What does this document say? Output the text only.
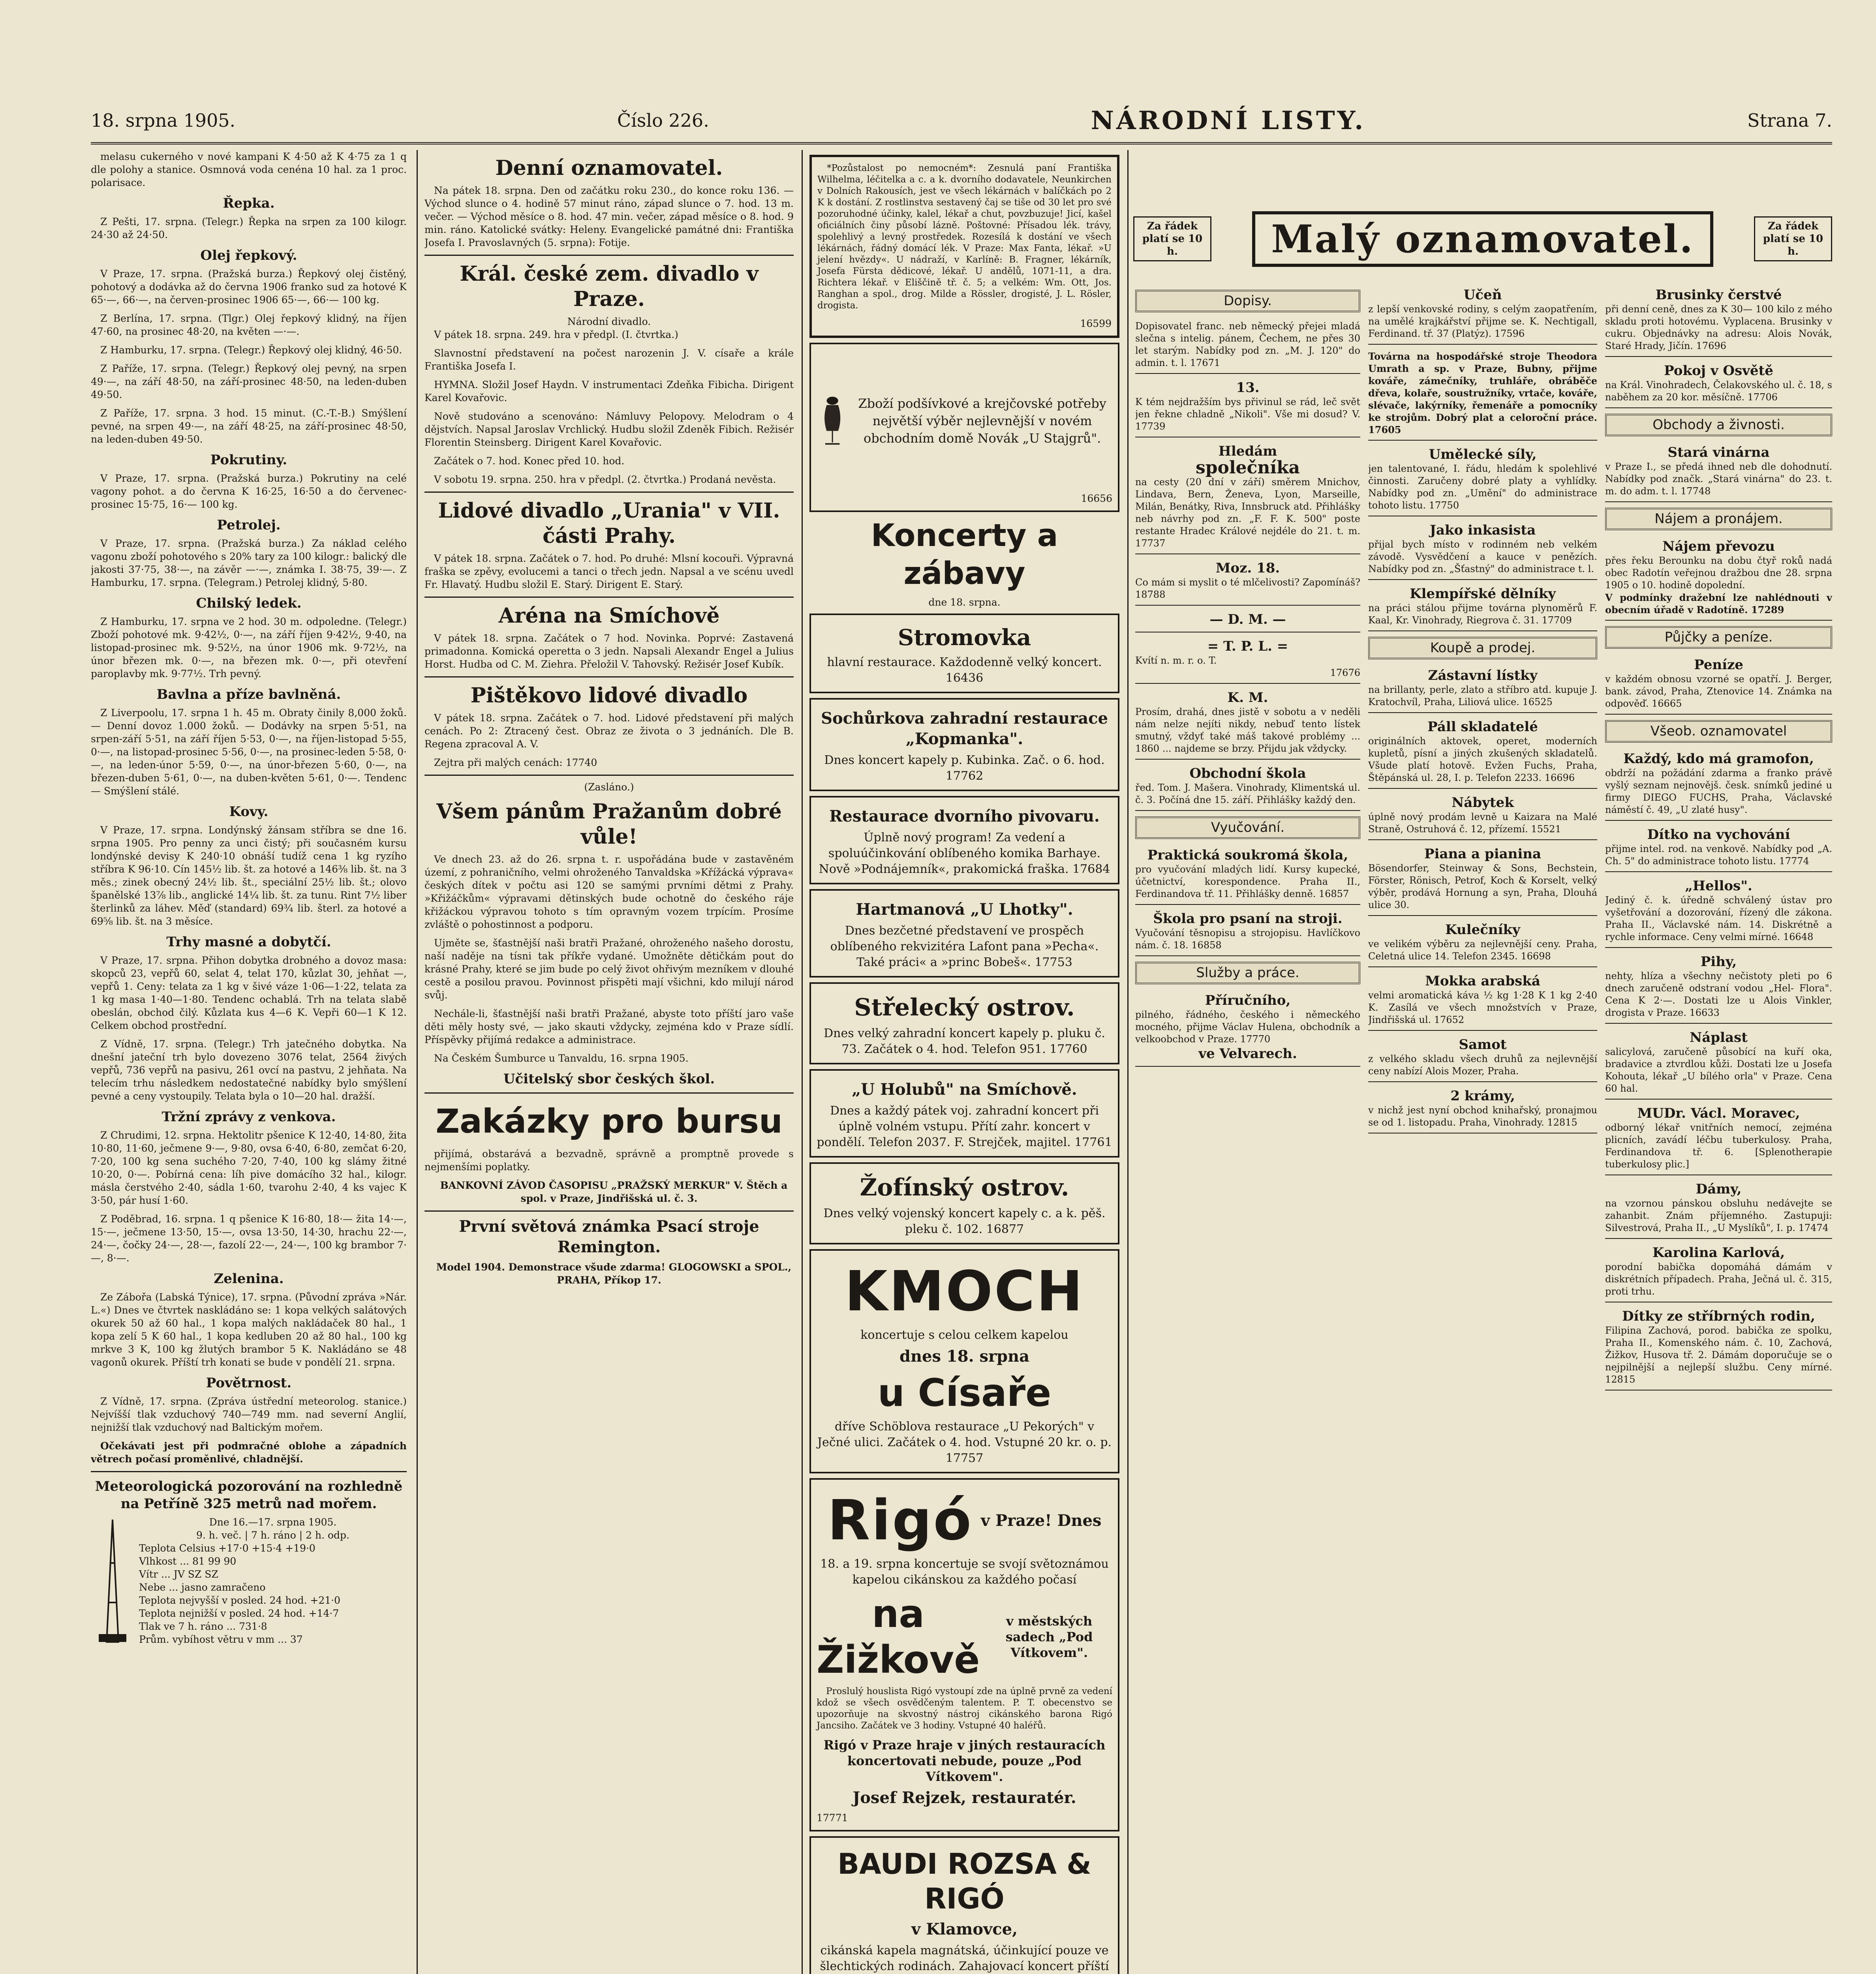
18. srpna 1905.	Číslo 226.	NÁRODNÍ LISTY.	Strana 7.
Za řádek platí se 10 h.	Malý oznamovatel.	Za řádek platí se 10 h.

melasu cukerného v nové kampani K 4·50 až K 4·75 za 1 q dle polohy a stanice. Osmnová voda cenéna 10 hal. za 1 proc. polarisace.

Řepka.

Z Pešti, 17. srpna. (Telegr.) Řepka na srpen za 100 kilogr. 24·30 až 24·50.

Olej řepkový.

V Praze, 17. srpna. (Pražská burza.) Řepkový olej čistěný, pohotový a dodávka až do června 1906 franko sud za hotové K 65·—, 66·—, na červen-prosinec 1906 65·—, 66·— 100 kg.

Z Berlína, 17. srpna. (Tlgr.) Olej řepkový klidný, na říjen 47·60, na prosinec 48·20, na květen —·—.

Z Hamburku, 17. srpna. (Telegr.) Řepkový olej klidný, 46·50.

Z Paříže, 17. srpna. (Telegr.) Řepkový olej pevný, na srpen 49·—, na září 48·50, na září-prosinec 48·50, na leden-duben 49·50.

Z Paříže, 17. srpna. 3 hod. 15 minut. (C.-T.-B.) Smýšlení pevné, na srpen 49·—, na září 48·25, na září-prosinec 48·50, na leden-duben 49·50.

Pokrutiny.

V Praze, 17. srpna. (Pražská burza.) Pokrutiny na celé vagony pohot. a do června K 16·25, 16·50 a do červenec-prosinec 15·75, 16·— 100 kg.

Petrolej.

V Praze, 17. srpna. (Pražská burza.) Za náklad celého vagonu zboží pohotového s 20% tary za 100 kilogr.: balický dle jakosti 37·75, 38·—, na závěr —·—, známka I. 38·75, 39·—. Z Hamburku, 17. srpna. (Telegram.) Petrolej klidný, 5·80.

Chilský ledek.

Z Hamburku, 17. srpna ve 2 hod. 30 m. odpoledne. (Telegr.) Zboží pohotové mk. 9·42½, 0·—, na září říjen 9·42½, 9·40, na listopad-prosinec mk. 9·52½, na únor 1906 mk. 9·72½, na únor březen mk. 0·—, na březen mk. 0·—, při otevření paroplavby mk. 9·77½. Trh pevný.

Bavlna a příze bavlněná.

Z Liverpoolu, 17. srpna 1 h. 45 m. Obraty činily 8,000 žoků. — Denní dovoz 1.000 žoků. — Dodávky na srpen 5·51, na srpen-září 5·51, na září říjen 5·53, 0·—, na říjen-listopad 5·55, 0·—, na listopad-prosinec 5·56, 0·—, na prosinec-leden 5·58, 0·—, na leden-únor 5·59, 0·—, na únor-březen 5·60, 0·—, na březen-duben 5·61, 0·—, na duben-květen 5·61, 0·—. Tendenc — Smýšlení stálé.

Kovy.

V Praze, 17. srpna. Londýnský žánsam stříbra se dne 16. srpna 1905. Pro penny za unci čistý; při současném kursu londýnské devisy K 240·10 obnáší tudíž cena 1 kg ryzího stříbra K 96·10. Cín 145½ lib. št. za hotové a 146⅜ lib. št. na 3 měs.; zinek obecný 24½ lib. št., speciální 25½ lib. št.; olovo španělské 13⅞ lib., anglické 14¼ lib. št. za tunu. Rint 7½ liber šterlinků za láhev. Měď (standard) 69¾ lib. šterl. za hotové a 69⅝ lib. št. na 3 měsíce.

Trhy masné a dobytčí.

V Praze, 17. srpna. Přihon dobytka drobného a dovoz masa: skopců 23, vepřů 60, selat 4, telat 170, kůzlat 30, jehňat —, vepřů 1. Ceny: telata za 1 kg v šivé váze 1·06—1·22, telata za 1 kg masa 1·40—1·80. Tendenc ochablá. Trh na telata slabě obeslán, obchod čilý. Kůzlata kus 4—6 K. Vepři 60—1 K 12. Celkem obchod prostřední.

Z Vídně, 17. srpna. (Telegr.) Trh jatečného dobytka. Na dnešní jateční trh bylo dovezeno 3076 telat, 2564 živých vepřů, 736 vepřů na pasivu, 261 ovcí na pastvu, 2 jehňata. Na telecím trhu následkem nedostatečné nabídky bylo smýšlení pevné a ceny vystoupily. Telata byla o 10—20 hal. dražší.

Tržní zprávy z venkova.

Z Chrudimi, 12. srpna. Hektolitr pšenice K 12·40, 14·80, žita 10·80, 11·60, ječmene 9·—, 9·80, ovsa 6·40, 6·80, zemčat 6·20, 7·20, 100 kg sena suchého 7·20, 7·40, 100 kg slámy žitné 10·20, 0·—. Pobírná cena: líh pive domácího 32 hal., kilogr. másla čerstvého 2·40, sádla 1·60, tvarohu 2·40, 4 ks vajec K 3·50, pár husí 1·60.

Z Poděbrad, 16. srpna. 1 q pšenice K 16·80, 18·— žita 14·—, 15·—, ječmene 13·50, 15·—, ovsa 13·50, 14·30, hrachu 22·—, 24·—, čočky 24·—, 28·—, fazolí 22·—, 24·—, 100 kg brambor 7·—, 8·—.

Zelenina.

Ze Zábořa (Labská Týnice), 17. srpna. (Původní zpráva »Nár. L.«) Dnes ve čtvrtek naskládáno se: 1 kopa velkých salátových okurek 50 až 60 hal., 1 kopa malých nakládaček 80 hal., 1 kopa zelí 5 K 60 hal., 1 kopa kedluben 20 až 80 hal., 100 kg mrkve 3 K, 100 kg žlutých brambor 5 K. Nakládáno se 48 vagonů okurek. Příští trh konati se bude v pondělí 21. srpna.

Povětrnost.

Z Vídně, 17. srpna. (Zpráva ústřední meteorolog. stanice.) Nejvíšší tlak vzduchový 740—749 mm. nad severní Anglií, nejnižší tlak vzduchový nad Baltickým mořem.

Očekávati jest při podmračné oblohe a západních větrech počasí proměnlivé, chladnější.

Meteorologická pozorování na rozhledně na Petříně 325 metrů nad mořem.
Dne 16.—17. srpna 1905.
9. h. več. | 7 h. ráno | 2 h. odp.
Teplota Celsius +17·0 +15·4 +19·0
Vlhkost ... 81 99 90
Vítr ... JV SZ SZ
Nebe ... jasno zamračeno
Teplota nejvyšší v posled. 24 hod. +21·0
Teplota nejnižší v posled. 24 hod. +14·7
Tlak ve 7 h. ráno ... 731·8
Prům. vybíhost větru v mm ... 37
Denní oznamovatel.

Na pátek 18. srpna. Den od začátku roku 230., do konce roku 136. — Východ slunce o 4. hodině 57 minut ráno, západ slunce o 7. hod. 13 m. večer. — Východ měsíce o 8. hod. 47 min. večer, západ měsíce o 8. hod. 9 min. ráno. Katolické svátky: Heleny. Evangelické památné dni: Františka Josefa I. Pravoslavných (5. srpna): Fotije.

Král. české zem. divadlo v Praze.
Národní divadlo.

V pátek 18. srpna. 249. hra v předpl. (I. čtvrtka.)

Slavnostní představení na počest narozenin J. V. císaře a krále Františka Josefa I.

HYMNA. Složil Josef Haydn. V instrumentaci Zdeňka Fibicha. Dirigent Karel Kovařovic.

Nově studováno a scenováno: Námluvy Pelopovy. Melodram o 4 dějstvích. Napsal Jaroslav Vrchlický. Hudbu složil Zdeněk Fibich. Režisér Florentin Steinsberg. Dirigent Karel Kovařovic.

Začátek o 7. hod. Konec před 10. hod.

V sobotu 19. srpna. 250. hra v předpl. (2. čtvrtka.) Prodaná nevěsta.

Lidové divadlo „Urania" v VII. části Prahy.

V pátek 18. srpna. Začátek o 7. hod. Po druhé: Mlsní kocouři. Výpravná fraška se zpěvy, evolucemi a tanci o třech jedn. Napsal a ve scénu uvedl Fr. Hlavatý. Hudbu složil E. Starý. Dirigent E. Starý.

Aréna na Smíchově

V pátek 18. srpna. Začátek o 7 hod. Novinka. Poprvé: Zastavená primadonna. Komická operetta o 3 jedn. Napsali Alexandr Engel a Julius Horst. Hudba od C. M. Ziehra. Přeložil V. Tahovský. Režisér Josef Kubík.

Pištěkovo lidové divadlo

V pátek 18. srpna. Začátek o 7. hod. Lidové představení při malých cenách. Po 2: Ztracený čest. Obraz ze života o 3 jednáních. Dle B. Regena zpracoval A. V.

Zejtra při malých cenách: 17740

(Zasláno.)
Všem pánům Pražanům dobré vůle!

Ve dnech 23. až do 26. srpna t. r. uspořádána bude v zastavěném území, z pohraničního, velmi ohroženého Tanvaldska »Křížácká výprava« českých dítek v počtu asi 120 se samými prvními dětmi z Prahy. »Křižáčkům« výpravami dětinských bude ochotně do českého ráje křižáckou výpravou tohoto s tím opravným vozem trpícím. Prosíme zvláště o pohostinnost a podporu.

Ujměte se, šťastnější naši bratři Pražané, ohroženého našeho dorostu, naší naděje na tísni tak příkře vydané. Umožněte dětičkám pout do krásné Prahy, které se jim bude po celý život ohřivým mezníkem v dlouhé cestě a posilou pravou. Povinnost přispěti mají všichni, kdo milují národ svůj.

Nechále-li, šťastnější naši bratři Pražané, abyste toto příští jaro vaše děti měly hosty své, — jako skauti vždycky, zejména kdo v Praze sídlí. Příspěvky přijímá redakce a administrace.

Na Českém Šumburce u Tanvaldu, 16. srpna 1905.

Učitelský sbor českých škol.
Zakázky pro bursu

přijímá, obstarává a bezvadně, správně a promptně provede s nejmenšími poplatky.

BANKOVNÍ ZÁVOD ČASOPISU „PRAŽSKÝ MERKUR" V. Štěch a spol. v Praze, Jindřišská ul. č. 3.

První světová známka Psací stroje Remington.

Model 1904. Demonstrace všude zdarma! GLOGOWSKI a SPOL., PRAHA, Příkop 17.

*Pozůstalost po nemocném*: Zesnulá paní Františka Wilhelma, léčitelka a c. a k. dvorního dodavatele, Neunkirchen v Dolních Rakousích, jest ve všech lékárnách v balíčkách po 2 K k dostání. Z rostlinstva sestavený čaj se tiše od 30 let pro své pozoruhodné účinky, kalel, lékař a chut, povzbuzuje! Jicí, kašel oficiálních činy působí lázně. Poštovné: Přísadou lék. trávy, spolehlivý a levný prostředek. Rozesílá k dostání ve všech lékárnách, řádný domácí lék. V Praze: Max Fanta, lékař. »U jelení hvězdy«. U nádraží, v Karlíně: B. Fragner, lékárník, Josefa Fürsta dědicové, lékař. U andělů, 1071-11, a dra. Richtera lékař. v Eliščině tř. č. 5; a velkém: Wm. Ott, Jos. Ranghan a spol., drog. Milde a Rössler, drogisté, J. L. Rösler, drogista.

16599
Zboží podšívkové a krejčovské potřeby největší výběr nejlevnější v novém obchodním domě Novák „U Stajgrů".
16656
Koncerty a zábavy
dne 18. srpna.
Stromovka
hlavní restaurace. Každodenně velký koncert. 16436
Sochůrkova zahradní restaurace „Kopmanka".
Dnes koncert kapely p. Kubinka. Zač. o 6. hod. 17762
Restaurace dvorního pivovaru.
Úplně nový program! Za vedení a spoluúčinkování oblíbeného komika Barhaye. Nově »Podnájemník«, prakomická fraška. 17684
Hartmanová „U Lhotky".
Dnes bezčetné představení ve prospěch oblíbeného rekvizitéra Lafont pana »Pecha«. Také práci« a »princ Bobeš«. 17753
Střelecký ostrov.
Dnes velký zahradní koncert kapely p. pluku č. 73. Začátek o 4. hod. Telefon 951. 17760
„U Holubů" na Smíchově.
Dnes a každý pátek voj. zahradní koncert při úplně volném vstupu. Přítí zahr. koncert v pondělí. Telefon 2037. F. Strejček, majitel. 17761
Žofínský ostrov.
Dnes velký vojenský koncert kapely c. a k. pěš. pleku č. 102. 16877
KMOCH
koncertuje s celou celkem kapelou
dnes 18. srpna
u Císaře
dříve Schöblova restaurace „U Pekorých" v Ječné ulici. Začátek o 4. hod. Vstupné 20 kr. o. p. 17757
Rigó v Praze! Dnes
18. a 19. srpna koncertuje se svojí světoznámou kapelou cikánskou za každého počasí
na Žižkově
v městských sadech „Pod Vítkovem".

Proslulý houslista Rigó vystoupí zde na úplně prvně za vedení kdož se všech osvědčeným talentem. P. T. obecenstvo se upozorňuje na skvostný nástroj cikánského barona Rigó Jancsiho. Začátek ve 3 hodiny. Vstupné 40 haléřů.

Rigó v Praze hraje v jiných restauracích koncertovati nebude, pouze „Pod Vítkovem".
Josef Rejzek, restauratér.
17771
BAUDI ROZSA & RIGÓ
v Klamovce,
cikánská kapela magnátská, účinkující pouze ve šlechtických rodinách. Zahajovací koncert příští

Dopisy.
Dopisovatel franc. neb německý přejei mladá slečna s intelig. pánem, Čechem, ne přes 30 let starým. Nabídky pod zn. „M. J. 120" do admin. t. l. 17671
13.
K tém nejdražším bys přivinul se rád, leč svět jen řekne chladně „Nikoli". Vše mi dosud? V. 17739
Hledám
společníka
na cesty (20 dní v září) směrem Mnichov, Lindava, Bern, Ženeva, Lyon, Marseille, Milán, Benátky, Riva, Innsbruck atd. Přihlášky neb návrhy pod zn. „F. F. K. 500" poste restante Hradec Králové nejdéle do 21. t. m. 17737
Moz. 18.
Co mám si myslit o té mlčelivosti? Zapomínáš? 18788
— D. M. —
= T. P. L. =
Kvítí n. m. r. o. T.
17676
K. M.
Prosím, drahá, dnes jistě v sobotu a v neděli nám nelze nejíti nikdy, nebuď tento lístek smutný, vždyť také máš takové problémy ... 1860 ... najdeme se brzy. Přijdu jak vždycky.
Obchodní škola
řed. Tom. J. Mašera. Vinohrady, Klimentská ul. č. 3. Počíná dne 15. září. Přihlášky každý den.
Vyučování.
Praktická soukromá škola,
pro vyučování mladých lidí. Kursy kupecké, účetnictví, korespondence. Praha II., Ferdinandova tř. 11. Přihlášky denně. 16857
Škola pro psaní na stroji.
Vyučování těsnopisu a strojopisu. Havlíčkovo nám. č. 18. 16858
Služby a práce.
Příručního,
pilného, řádného, českého i německého mocného, přijme Václav Hulena, obchodník a velkoobchod v Praze. 17770
ve Velvarech.
Učeň
z lepší venkovské rodiny, s celým zaopatřením, na umělé krajkářství přijme se. K. Nechtigall, Ferdinand. tř. 37 (Platýz). 17596
Továrna na hospodářské stroje Theodora Umrath a sp. v Praze, Bubny, přijme kováře, zámečníky, truhláře, obráběče dřeva, kolaře, soustružníky, vrtače, kováře, slévače, lakýrníky, řemenáře a pomocníky ke strojům. Dobrý plat a celoroční práce. 17605
Umělecké síly,
jen talentované, I. řádu, hledám k spolehlivé činnosti. Zaručeny dobré platy a vyhlídky. Nabídky pod zn. „Umění" do administrace tohoto listu. 17750
Jako inkasista
přijal bych místo v rodinném neb velkém závodě. Vysvědčení a kauce v penězích. Nabídky pod zn. „Šťastný" do administrace t. l.
Klempířské dělníky
na práci stálou přijme továrna plynoměrů F. Kaal, Kr. Vinohrady, Riegrova č. 31. 17709
Koupě a prodej.
Zástavní lístky
na brillanty, perle, zlato a stříbro atd. kupuje J. Kratochvíl, Praha, Liliová ulice. 16525
Páll skladatelé
originálních aktovek, operet, moderních kupletů, písní a jiných zkušených skladatelů. Všude platí hotově. Evžen Fuchs, Praha, Štěpánská ul. 28, I. p. Telefon 2233. 16696
Nábytek
úplně nový prodám levně u Kaizara na Malé Straně, Ostruhová č. 12, přízemí. 15521
Piana a pianina
Bösendorfer, Steinway & Sons, Bechstein, Förster, Rönisch, Petrof, Koch & Korselt, velký výběr, prodává Hornung a syn, Praha, Dlouhá ulice 30.
Kulečníky
ve velikém výběru za nejlevnější ceny. Praha, Celetná ulice 14. Telefon 2345. 16698
Mokka arabská
velmi aromatická káva ½ kg 1·28 K 1 kg 2·40 K. Zasílá ve všech množstvích v Praze, Jindřišská ul. 17652
Samot
z velkého skladu všech druhů za nejlevnější ceny nabízí Alois Mozer, Praha.
2 krámy,
v nichž jest nyní obchod knihařský, pronajmou se od 1. listopadu. Praha, Vinohrady. 12815
Brusinky čerstvé
při denní ceně, dnes za K 30— 100 kilo z mého skladu proti hotovému. Vyplacena. Brusinky v cukru. Objednávky na adresu: Alois Novák, Staré Hrady, Jičín. 17696
Pokoj v Osvětě
na Král. Vinohradech, Čelakovského ul. č. 18, s naběhem za 20 kor. měsíčně. 17706
Obchody a živnosti.
Stará vinárna
v Praze I., se předá ihned neb dle dohodnutí. Nabídky pod značk. „Stará vinárna" do 23. t. m. do adm. t. l. 17748
Nájem a pronájem.
Nájem převozu
přes řeku Berounku na dobu čtyř roků nadá obec Radotín veřejnou dražbou dne 28. srpna 1905 o 10. hodině dopolední.
V podmínky dražební lze nahlédnouti v obecním úřadě v Radotíně. 17289
Půjčky a peníze.
Peníze
v každém obnosu vzorné se opatří. J. Berger, bank. závod, Praha, Ztenovice 14. Známka na odpověď. 16665
Všeob. oznamovatel
Každý, kdo má gramofon,
obdrží na požádání zdarma a franko právě vyšlý seznam nejnovějš. česk. snímků jediné u firmy DIEGO FUCHS, Praha, Václavské náměstí č. 49, „U zlaté husy".
Dítko na vychování
přijme intel. rod. na venkově. Nabídky pod „A. Ch. 5" do administrace tohoto listu. 17774
„Hellos".
Jediný č. k. úředně schválený ústav pro vyšetřování a dozorování, řízený dle zákona. Praha II., Václavské nám. 14. Diskrétně a rychle informace. Ceny velmi mírné. 16648
Pihy,
nehty, hlíza a všechny nečistoty pleti po 6 dnech zaručeně odstraní vodou „Hel- Flora". Cena K 2·—. Dostati lze u Alois Vinkler, drogista v Praze. 16633
Náplast
salicylová, zaručeně působící na kuří oka, bradavice a ztvrdlou kůži. Dostati lze u Josefa Kohouta, lékař „U bílého orla" v Praze. Cena 60 hal.
MUDr. Václ. Moravec,
odborný lékař vnitřních nemocí, zejména plicních, zavádí léčbu tuberkulosy. Praha, Ferdinandova tř. 6. [Splenotherapie tuberkulosy plic.]
Dámy,
na vzornou pánskou obsluhu nedávejte se zahanbit. Znám příjemného. Zastupuji: Silvestrová, Praha II., „U Myslíků", I. p. 17474
Karolina Karlová,
porodní babička dopomáhá dámám v diskrétních případech. Praha, Ječná ul. č. 315, proti trhu.
Dítky ze stříbrných rodin,
Filipina Zachová, porod. babička ze spolku, Praha II., Komenského nám. č. 10, Zachová, Žižkov, Husova tř. 2. Dámám doporučuje se o nejpilnější a nejlepší službu. Ceny mírné. 12815
